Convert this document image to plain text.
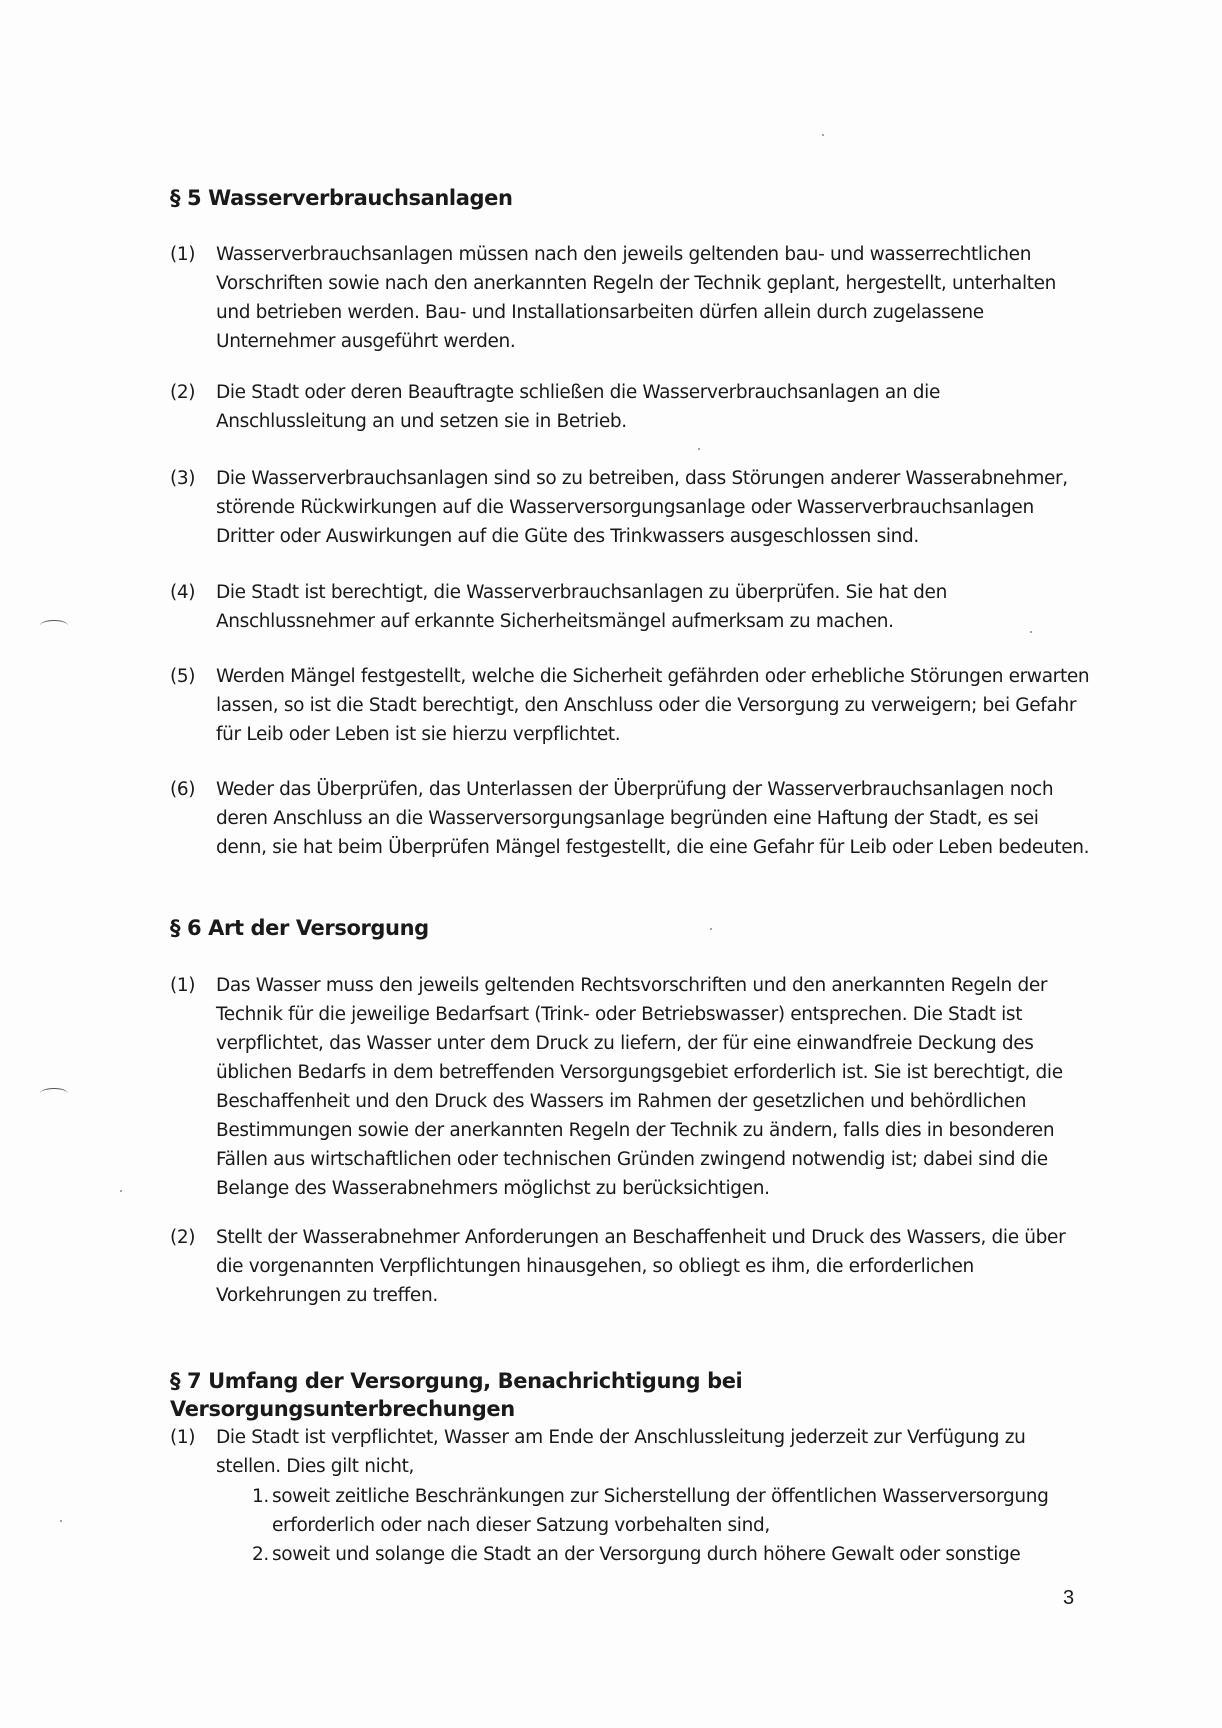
§ 5 Wasserverbrauchsanlagen

(1)	Wasserverbrauchsanlagen müssen nach den jeweils geltenden bau- und wasserrechtlichen Vorschriften sowie nach den anerkannten Regeln der Technik geplant, hergestellt, unterhalten und betrieben werden. Bau- und Installationsarbeiten dürfen allein durch zugelassene Unternehmer ausgeführt werden.

(2)	Die Stadt oder deren Beauftragte schließen die Wasserverbrauchsanlagen an die Anschlussleitung an und setzen sie in Betrieb.

(3)	Die Wasserverbrauchsanlagen sind so zu betreiben, dass Störungen anderer Wasserabnehmer, störende Rückwirkungen auf die Wasserversorgungsanlage oder Wasserverbrauchsanlagen Dritter oder Auswirkungen auf die Güte des Trinkwassers ausgeschlossen sind.

(4)	Die Stadt ist berechtigt, die Wasserverbrauchsanlagen zu überprüfen. Sie hat den Anschlussnehmer auf erkannte Sicherheitsmängel aufmerksam zu machen.

(5)	Werden Mängel festgestellt, welche die Sicherheit gefährden oder erhebliche Störungen erwarten lassen, so ist die Stadt berechtigt, den Anschluss oder die Versorgung zu verweigern; bei Gefahr für Leib oder Leben ist sie hierzu verpflichtet.

(6)	Weder das Überprüfen, das Unterlassen der Überprüfung der Wasserverbrauchsanlagen noch deren Anschluss an die Wasserversorgungsanlage begründen eine Haftung der Stadt, es sei denn, sie hat beim Überprüfen Mängel festgestellt, die eine Gefahr für Leib oder Leben bedeuten.

§ 6 Art der Versorgung

(1)	Das Wasser muss den jeweils geltenden Rechtsvorschriften und den anerkannten Regeln der Technik für die jeweilige Bedarfsart (Trink- oder Betriebswasser) entsprechen. Die Stadt ist verpflichtet, das Wasser unter dem Druck zu liefern, der für eine einwandfreie Deckung des üblichen Bedarfs in dem betreffenden Versorgungsgebiet erforderlich ist. Sie ist berechtigt, die Beschaffenheit und den Druck des Wassers im Rahmen der gesetzlichen und behördlichen Bestimmungen sowie der anerkannten Regeln der Technik zu ändern, falls dies in besonderen Fällen aus wirtschaftlichen oder technischen Gründen zwingend notwendig ist; dabei sind die Belange des Wasserabnehmers möglichst zu berücksichtigen.

(2)	Stellt der Wasserabnehmer Anforderungen an Beschaffenheit und Druck des Wassers, die über die vorgenannten Verpflichtungen hinausgehen, so obliegt es ihm, die erforderlichen Vorkehrungen zu treffen.

§ 7 Umfang der Versorgung, Benachrichtigung bei Versorgungsunterbrechungen

(1)	Die Stadt ist verpflichtet, Wasser am Ende der Anschlussleitung jederzeit zur Verfügung zu stellen. Dies gilt nicht,

1. soweit zeitliche Beschränkungen zur Sicherstellung der öffentlichen Wasserversorgung erforderlich oder nach dieser Satzung vorbehalten sind,

2. soweit und solange die Stadt an der Versorgung durch höhere Gewalt oder sonstige

3
